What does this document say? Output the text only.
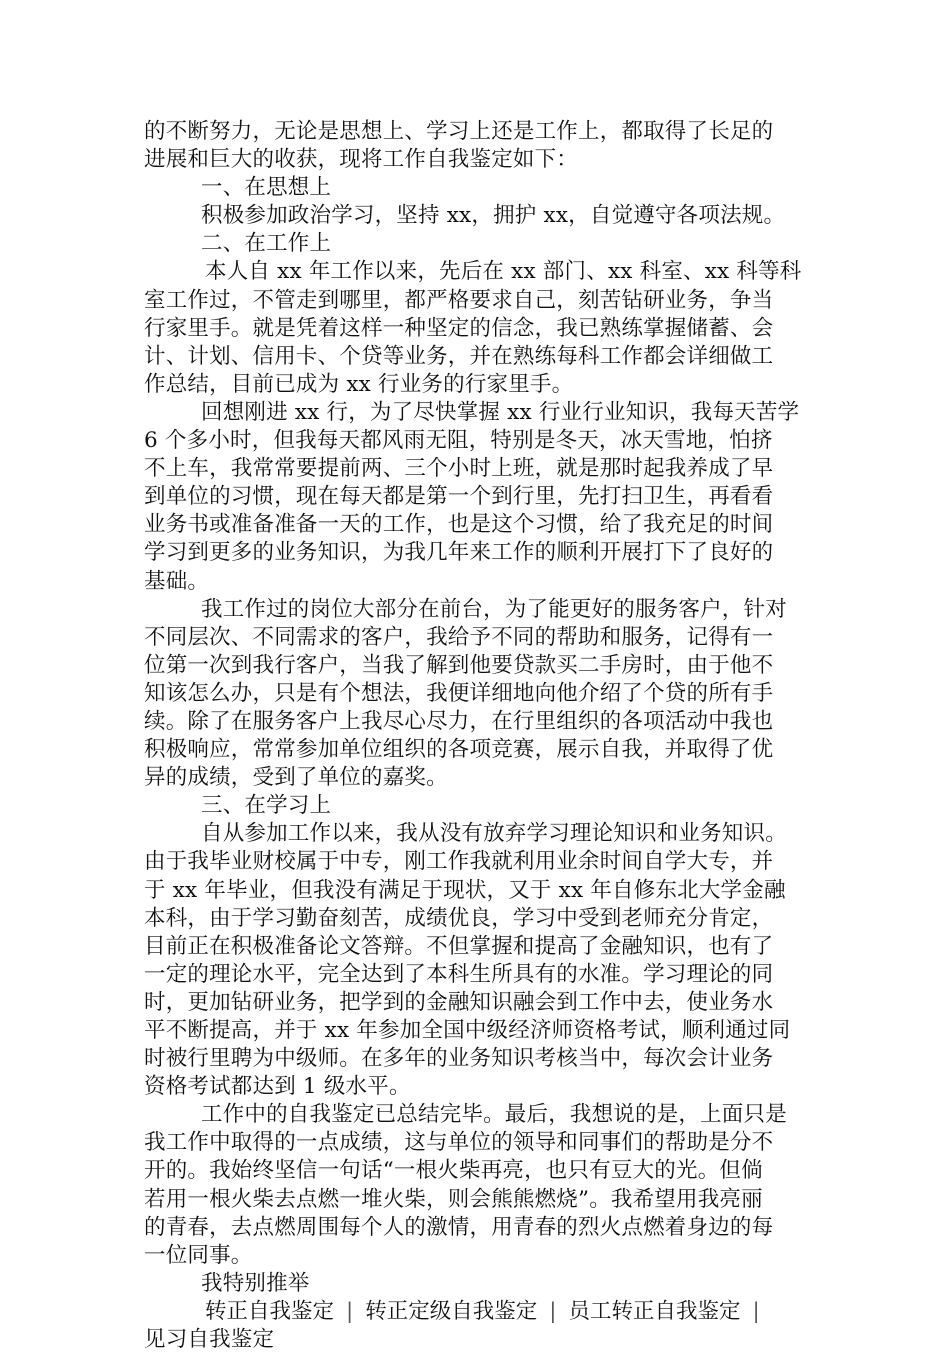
的不断努力，无论是思想上、学习上还是工作上，都取得了长足的
进展和巨大的收获，现将工作自我鉴定如下：
一、在思想上
积极参加政治学习，坚持 xx，拥护 xx，自觉遵守各项法规。
二、在工作上
本人自 xx 年工作以来，先后在 xx 部门、xx 科室、xx 科等科
室工作过，不管走到哪里，都严格要求自己，刻苦钻研业务，争当
行家里手。就是凭着这样一种坚定的信念，我已熟练掌握储蓄、会
计、计划、信用卡、个贷等业务，并在熟练每科工作都会详细做工
作总结，目前已成为 xx 行业务的行家里手。
回想刚进 xx 行，为了尽快掌握 xx 行业行业知识，我每天苦学
6 个多小时，但我每天都风雨无阻，特别是冬天，冰天雪地，怕挤
不上车，我常常要提前两、三个小时上班，就是那时起我养成了早
到单位的习惯，现在每天都是第一个到行里，先打扫卫生，再看看
业务书或准备准备一天的工作，也是这个习惯，给了我充足的时间
学习到更多的业务知识，为我几年来工作的顺利开展打下了良好的
基础。
我工作过的岗位大部分在前台，为了能更好的服务客户，针对
不同层次、不同需求的客户，我给予不同的帮助和服务，记得有一
位第一次到我行客户，当我了解到他要贷款买二手房时，由于他不
知该怎么办，只是有个想法，我便详细地向他介绍了个贷的所有手
续。除了在服务客户上我尽心尽力，在行里组织的各项活动中我也
积极响应，常常参加单位组织的各项竞赛，展示自我，并取得了优
异的成绩，受到了单位的嘉奖。
三、在学习上
自从参加工作以来，我从没有放弃学习理论知识和业务知识。
由于我毕业财校属于中专，刚工作我就利用业余时间自学大专，并
于 xx 年毕业，但我没有满足于现状，又于 xx 年自修东北大学金融
本科，由于学习勤奋刻苦，成绩优良，学习中受到老师充分肯定，
目前正在积极准备论文答辩。不但掌握和提高了金融知识，也有了
一定的理论水平，完全达到了本科生所具有的水准。学习理论的同
时，更加钻研业务，把学到的金融知识融会到工作中去，使业务水
平不断提高，并于 xx 年参加全国中级经济师资格考试，顺利通过同
时被行里聘为中级师。在多年的业务知识考核当中，每次会计业务
资格考试都达到 1 级水平。
工作中的自我鉴定已总结完毕。最后，我想说的是，上面只是
我工作中取得的一点成绩，这与单位的领导和同事们的帮助是分不
开的。我始终坚信一句话“一根火柴再亮，也只有豆大的光。但倘
若用一根火柴去点燃一堆火柴，则会熊熊燃烧”。我希望用我亮丽
的青春，去点燃周围每个人的激情，用青春的烈火点燃着身边的每
一位同事。
我特别推举
转正自我鉴定 | 转正定级自我鉴定 | 员工转正自我鉴定 |
见习自我鉴定
